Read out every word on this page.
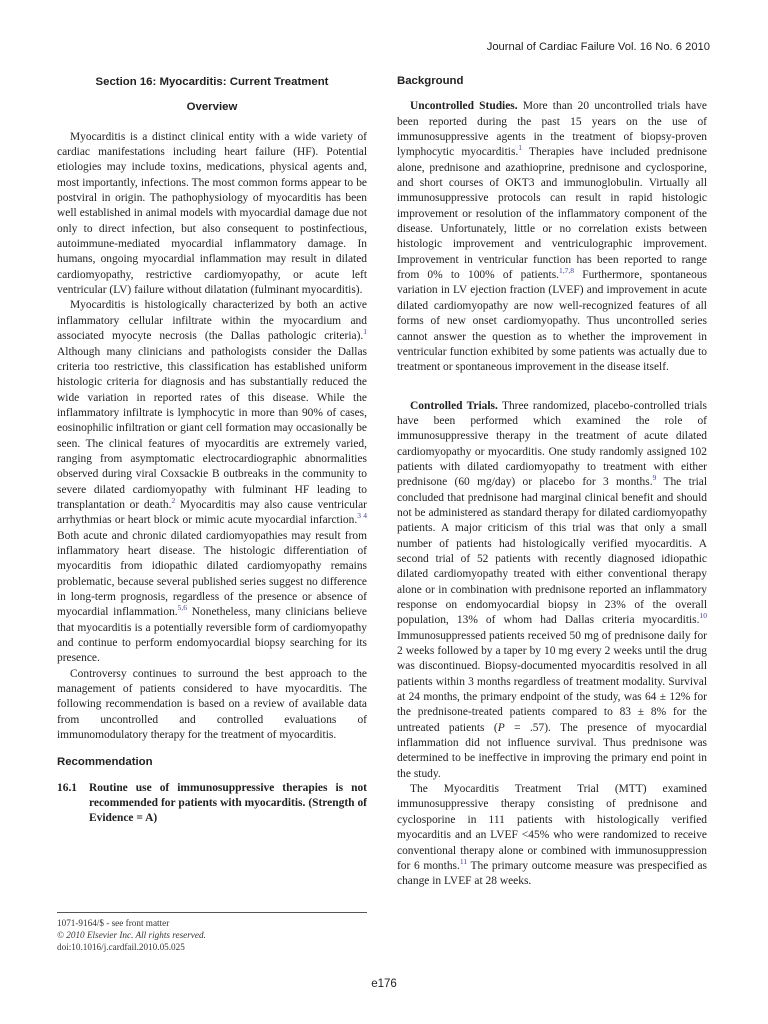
Journal of Cardiac Failure Vol. 16 No. 6 2010
Section 16: Myocarditis: Current Treatment
Overview

Myocarditis is a distinct clinical entity with a wide variety of cardiac manifestations including heart failure (HF). Potential etiologies may include toxins, medications, physical agents and, most importantly, infections. The most common forms appear to be postviral in origin. The pathophysiology of myocarditis has been well established in animal models with myocardial damage due not only to direct infection, but also consequent to postinfectious, autoimmune-mediated myocardial inflammatory damage. In humans, ongoing myocardial inflammation may result in dilated cardiomyopathy, restrictive cardiomyopathy, or acute left ventricular (LV) failure without dilatation (fulminant myocarditis).

Myocarditis is histologically characterized by both an active inflammatory cellular infiltrate within the myocardium and associated myocyte necrosis (the Dallas pathologic criteria).$^1$ Although many clinicians and pathologists consider the Dallas criteria too restrictive, this classification has established uniform histologic criteria for diagnosis and has substantially reduced the wide variation in reported rates of this disease. While the inflammatory infiltrate is lymphocytic in more than 90% of cases, eosinophilic infiltration or giant cell formation may occasionally be seen. The clinical features of myocarditis are extremely varied, ranging from asymptomatic electrocardiographic abnormalities observed during viral Coxsackie B outbreaks in the community to severe dilated cardiomyopathy with fulminant HF leading to transplantation or death.$^2$ Myocarditis may also cause ventricular arrhythmias or heart block or mimic acute myocardial infarction.$^{3 4}$ Both acute and chronic dilated cardiomyopathies may result from inflammatory heart disease. The histologic differentiation of myocarditis from idiopathic dilated cardiomyopathy remains problematic, because several published series suggest no difference in long-term prognosis, regardless of the presence or absence of myocardial inflammation.$^{5,6}$ Nonetheless, many clinicians believe that myocarditis is a potentially reversible form of cardiomyopathy and continue to perform endomyocardial biopsy searching for its presence.

Controversy continues to surround the best approach to the management of patients considered to have myocarditis. The following recommendation is based on a review of available data from uncontrolled and controlled evaluations of immunomodulatory therapy for the treatment of myocarditis.

Recommendation
16.1	Routine use of immunosuppressive therapies is not recommended for patients with myocarditis. (Strength of Evidence = A)
1071-9164/$ - see front matter
© 2010 Elsevier Inc. All rights reserved.
doi:10.1016/j.cardfail.2010.05.025
Background

Uncontrolled Studies. More than 20 uncontrolled trials have been reported during the past 15 years on the use of immunosuppressive agents in the treatment of biopsy-proven lymphocytic myocarditis.$^1$ Therapies have included prednisone alone, prednisone and azathioprine, prednisone and cyclosporine, and short courses of OKT3 and immunoglobulin. Virtually all immunosuppressive protocols can result in rapid histologic improvement or resolution of the inflammatory component of the disease. Unfortunately, little or no correlation exists between histologic improvement and ventriculographic improvement. Improvement in ventricular function has been reported to range from 0% to 100% of patients.$^{1,7,8}$ Furthermore, spontaneous variation in LV ejection fraction (LVEF) and improvement in acute dilated cardiomyopathy are now well-recognized features of all forms of new onset cardiomyopathy. Thus uncontrolled series cannot answer the question as to whether the improvement in ventricular function exhibited by some patients was actually due to treatment or spontaneous improvement in the disease itself.

Controlled Trials. Three randomized, placebo-controlled trials have been performed which examined the role of immunosuppressive therapy in the treatment of acute dilated cardiomyopathy or myocarditis. One study randomly assigned 102 patients with dilated cardiomyopathy to treatment with either prednisone (60 mg/day) or placebo for 3 months.$^9$ The trial concluded that prednisone had marginal clinical benefit and should not be administered as standard therapy for dilated cardiomyopathy patients. A major criticism of this trial was that only a small number of patients had histologically verified myocarditis. A second trial of 52 patients with recently diagnosed idiopathic dilated cardiomyopathy treated with either conventional therapy alone or in combination with prednisone reported an inflammatory response on endomyocardial biopsy in 23% of the overall population, 13% of whom had Dallas criteria myocarditis.$^{10}$ Immunosuppressed patients received 50 mg of prednisone daily for 2 weeks followed by a taper by 10 mg every 2 weeks until the drug was discontinued. Biopsy-documented myocarditis resolved in all patients within 3 months regardless of treatment modality. Survival at 24 months, the primary endpoint of the study, was 64 ± 12% for the prednisone-treated patients compared to 83 ± 8% for the untreated patients (P = .57). The presence of myocardial inflammation did not influence survival. Thus prednisone was determined to be ineffective in improving the primary end point in the study.

The Myocarditis Treatment Trial (MTT) examined immunosuppressive therapy consisting of prednisone and cyclosporine in 111 patients with histologically verified myocarditis and an LVEF <45% who were randomized to receive conventional therapy alone or combined with immunosuppression for 6 months.$^{11}$ The primary outcome measure was prespecified as change in LVEF at 28 weeks.

e176
